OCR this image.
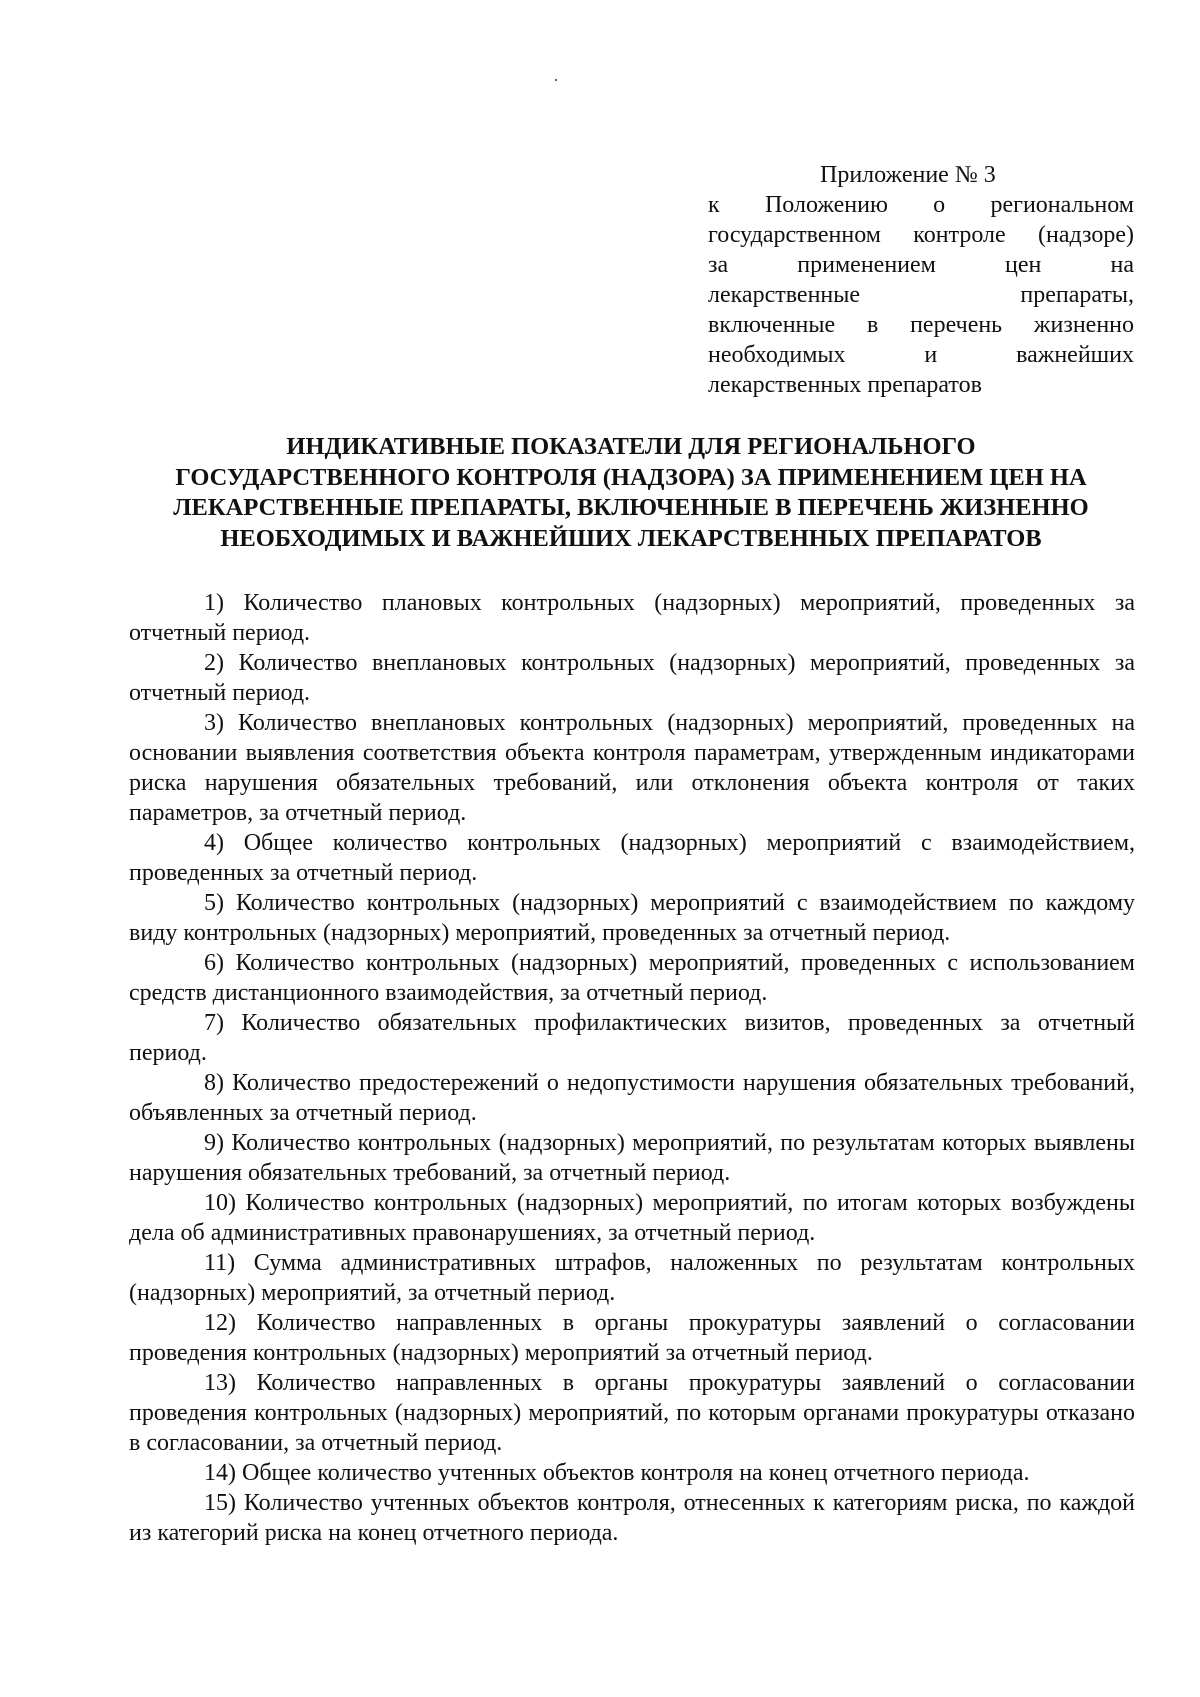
Приложение № 3
к Положению о региональном
государственном контроле (надзоре)
за применением цен на
лекарственные препараты,
включенные в перечень жизненно
необходимых и важнейших
лекарственных препаратов
ИНДИКАТИВНЫЕ ПОКАЗАТЕЛИ ДЛЯ РЕГИОНАЛЬНОГО
ГОСУДАРСТВЕННОГО КОНТРОЛЯ (НАДЗОРА) ЗА ПРИМЕНЕНИЕМ ЦЕН НА
ЛЕКАРСТВЕННЫЕ ПРЕПАРАТЫ, ВКЛЮЧЕННЫЕ В ПЕРЕЧЕНЬ ЖИЗНЕННО
НЕОБХОДИМЫХ И ВАЖНЕЙШИХ ЛЕКАРСТВЕННЫХ ПРЕПАРАТОВ

1) Количество плановых контрольных (надзорных) мероприятий, проведенных за отчетный период.

2) Количество внеплановых контрольных (надзорных) мероприятий, проведенных за отчетный период.

3) Количество внеплановых контрольных (надзорных) мероприятий, проведенных на основании выявления соответствия объекта контроля параметрам, утвержденным индикаторами риска нарушения обязательных требований, или отклонения объекта контроля от таких параметров, за отчетный период.

4) Общее количество контрольных (надзорных) мероприятий с взаимодействием, проведенных за отчетный период.

5) Количество контрольных (надзорных) мероприятий с взаимодействием по каждому виду контрольных (надзорных) мероприятий, проведенных за отчетный период.

6) Количество контрольных (надзорных) мероприятий, проведенных с использованием средств дистанционного взаимодействия, за отчетный период.

7) Количество обязательных профилактических визитов, проведенных за отчетный период.

8) Количество предостережений о недопустимости нарушения обязательных требований, объявленных за отчетный период.

9) Количество контрольных (надзорных) мероприятий, по результатам которых выявлены нарушения обязательных требований, за отчетный период.

10) Количество контрольных (надзорных) мероприятий, по итогам которых возбуждены дела об административных правонарушениях, за отчетный период.

11) Сумма административных штрафов, наложенных по результатам контрольных (надзорных) мероприятий, за отчетный период.

12) Количество направленных в органы прокуратуры заявлений о согласовании проведения контрольных (надзорных) мероприятий за отчетный период.

13) Количество направленных в органы прокуратуры заявлений о согласовании проведения контрольных (надзорных) мероприятий, по которым органами прокуратуры отказано в согласовании, за отчетный период.

14) Общее количество учтенных объектов контроля на конец отчетного периода.

15) Количество учтенных объектов контроля, отнесенных к категориям риска, по каждой из категорий риска на конец отчетного периода.
